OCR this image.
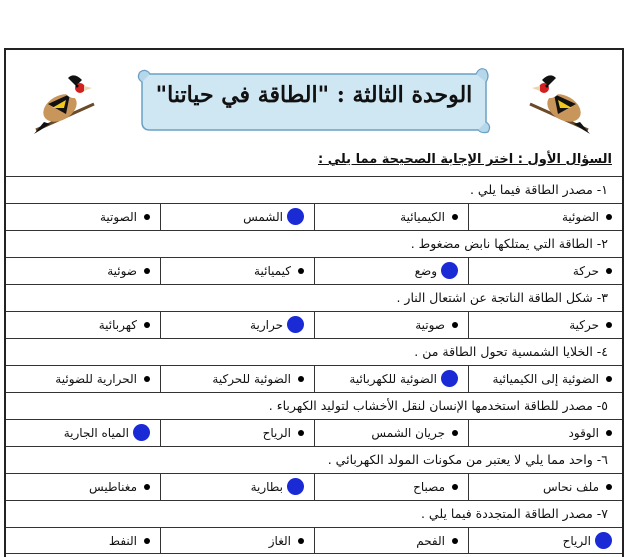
الوحدة الثالثة : "الطاقة في حياتنا"
السؤال الأول : اختر الإجابة الصحيحة مما يلي :
١- مصدر الطاقة فيما يلي .
الضوئية
الكيميائية
الشمس
الصوتية
٢- الطاقة التي يمتلكها نابض مضغوط .
حركة
وضع
كيميائية
ضوئية
٣- شكل الطاقة الناتجة عن اشتعال النار .
حركية
صوتية
حرارية
كهربائية
٤- الخلايا الشمسية تحول الطاقة من .
الضوئية إلى الكيميائية
الضوئية للكهربائية
الضوئية للحركية
الحرارية للضوئية
٥- مصدر للطاقة استخدمها الإنسان لنقل الأخشاب لتوليد الكهرباء .
الوقود
جريان الشمس
الرياح
المياه الجارية
٦- واحد مما يلي لا يعتبر من مكونات المولد الكهربائي .
ملف نحاس
مصباح
بطارية
مغناطيس
٧- مصدر الطاقة المتجددة فيما يلي .
الرياح
الفحم
الغاز
النفط
